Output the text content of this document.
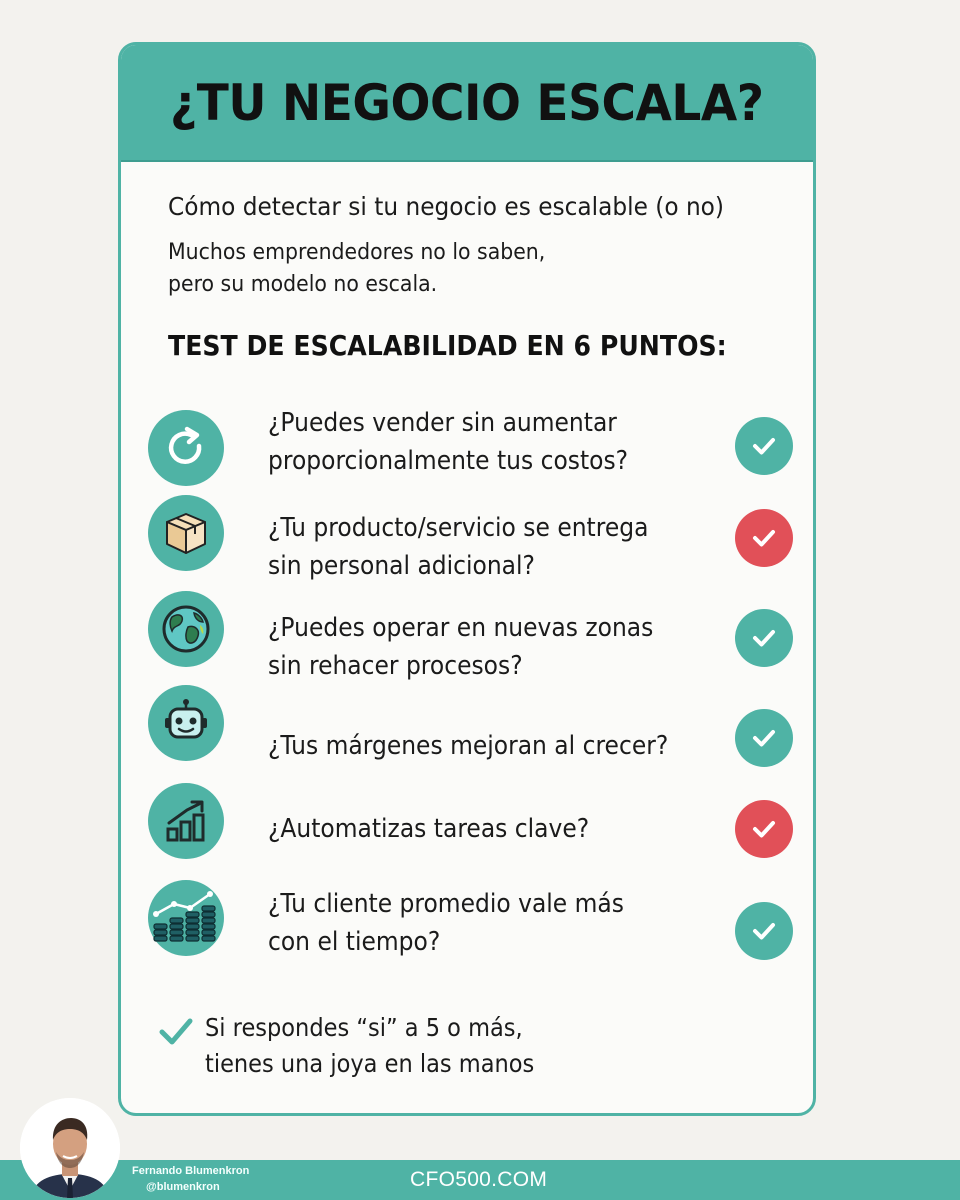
¿TU NEGOCIO ESCALA?
Cómo detectar si tu negocio es escalable (o no)
Muchos emprendedores no lo saben,
pero su modelo no escala.
TEST DE ESCALABILIDAD EN 6 PUNTOS:
¿Puedes vender sin aumentar
proporcionalmente tus costos?
¿Tu producto/servicio se entrega
sin personal adicional?
¿Puedes operar en nuevas zonas
sin rehacer procesos?
¿Tus márgenes mejoran al crecer?
¿Automatizas tareas clave?
¿Tu cliente promedio vale más
con el tiempo?
Si respondes “si” a 5 o más,
tienes una joya en las manos
Fernando Blumenkron
@blumenkron	CFO500.COM
